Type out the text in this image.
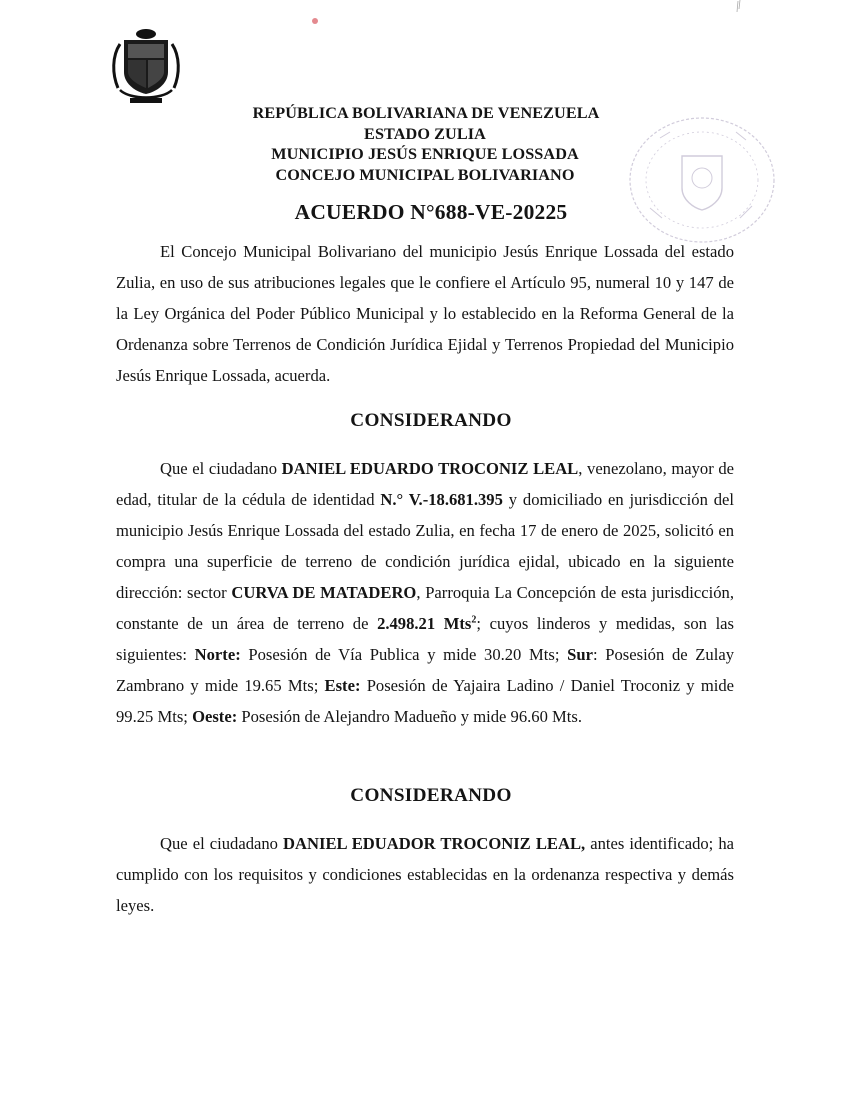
REPÚBLICA BOLIVARIANA DE VENEZUELA
ESTADO ZULIA
MUNICIPIO JESÚS ENRIQUE LOSSADA
CONCEJO MUNICIPAL BOLIVARIANO
ACUERDO N°688-VE-20225

El Concejo Municipal Bolivariano del municipio Jesús Enrique Lossada del estado Zulia, en uso de sus atribuciones legales que le confiere el Artículo 95, numeral 10 y 147 de la Ley Orgánica del Poder Público Municipal y lo establecido en la Reforma General de la Ordenanza sobre Terrenos de Condición Jurídica Ejidal y Terrenos Propiedad del Municipio Jesús Enrique Lossada, acuerda.

CONSIDERANDO

Que el ciudadano DANIEL EDUARDO TROCONIZ LEAL, venezolano, mayor de edad, titular de la cédula de identidad N.° V.-18.681.395 y domiciliado en jurisdicción del municipio Jesús Enrique Lossada del estado Zulia, en fecha 17 de enero de 2025, solicitó en compra una superficie de terreno de condición jurídica ejidal, ubicado en la siguiente dirección: sector CURVA DE MATADERO, Parroquia La Concepción de esta jurisdicción, constante de un área de terreno de 2.498.21 Mts$^2$; cuyos linderos y medidas, son las siguientes: Norte: Posesión de Vía Publica y mide 30.20 Mts; Sur: Posesión de Zulay Zambrano y mide 19.65 Mts; Este: Posesión de Yajaira Ladino / Daniel Troconiz y mide 99.25 Mts; Oeste: Posesión de Alejandro Madueño y mide 96.60 Mts.

CONSIDERANDO

Que el ciudadano DANIEL EDUADOR TROCONIZ LEAL, antes identificado; ha cumplido con los requisitos y condiciones establecidas en la ordenanza respectiva y demás leyes.
